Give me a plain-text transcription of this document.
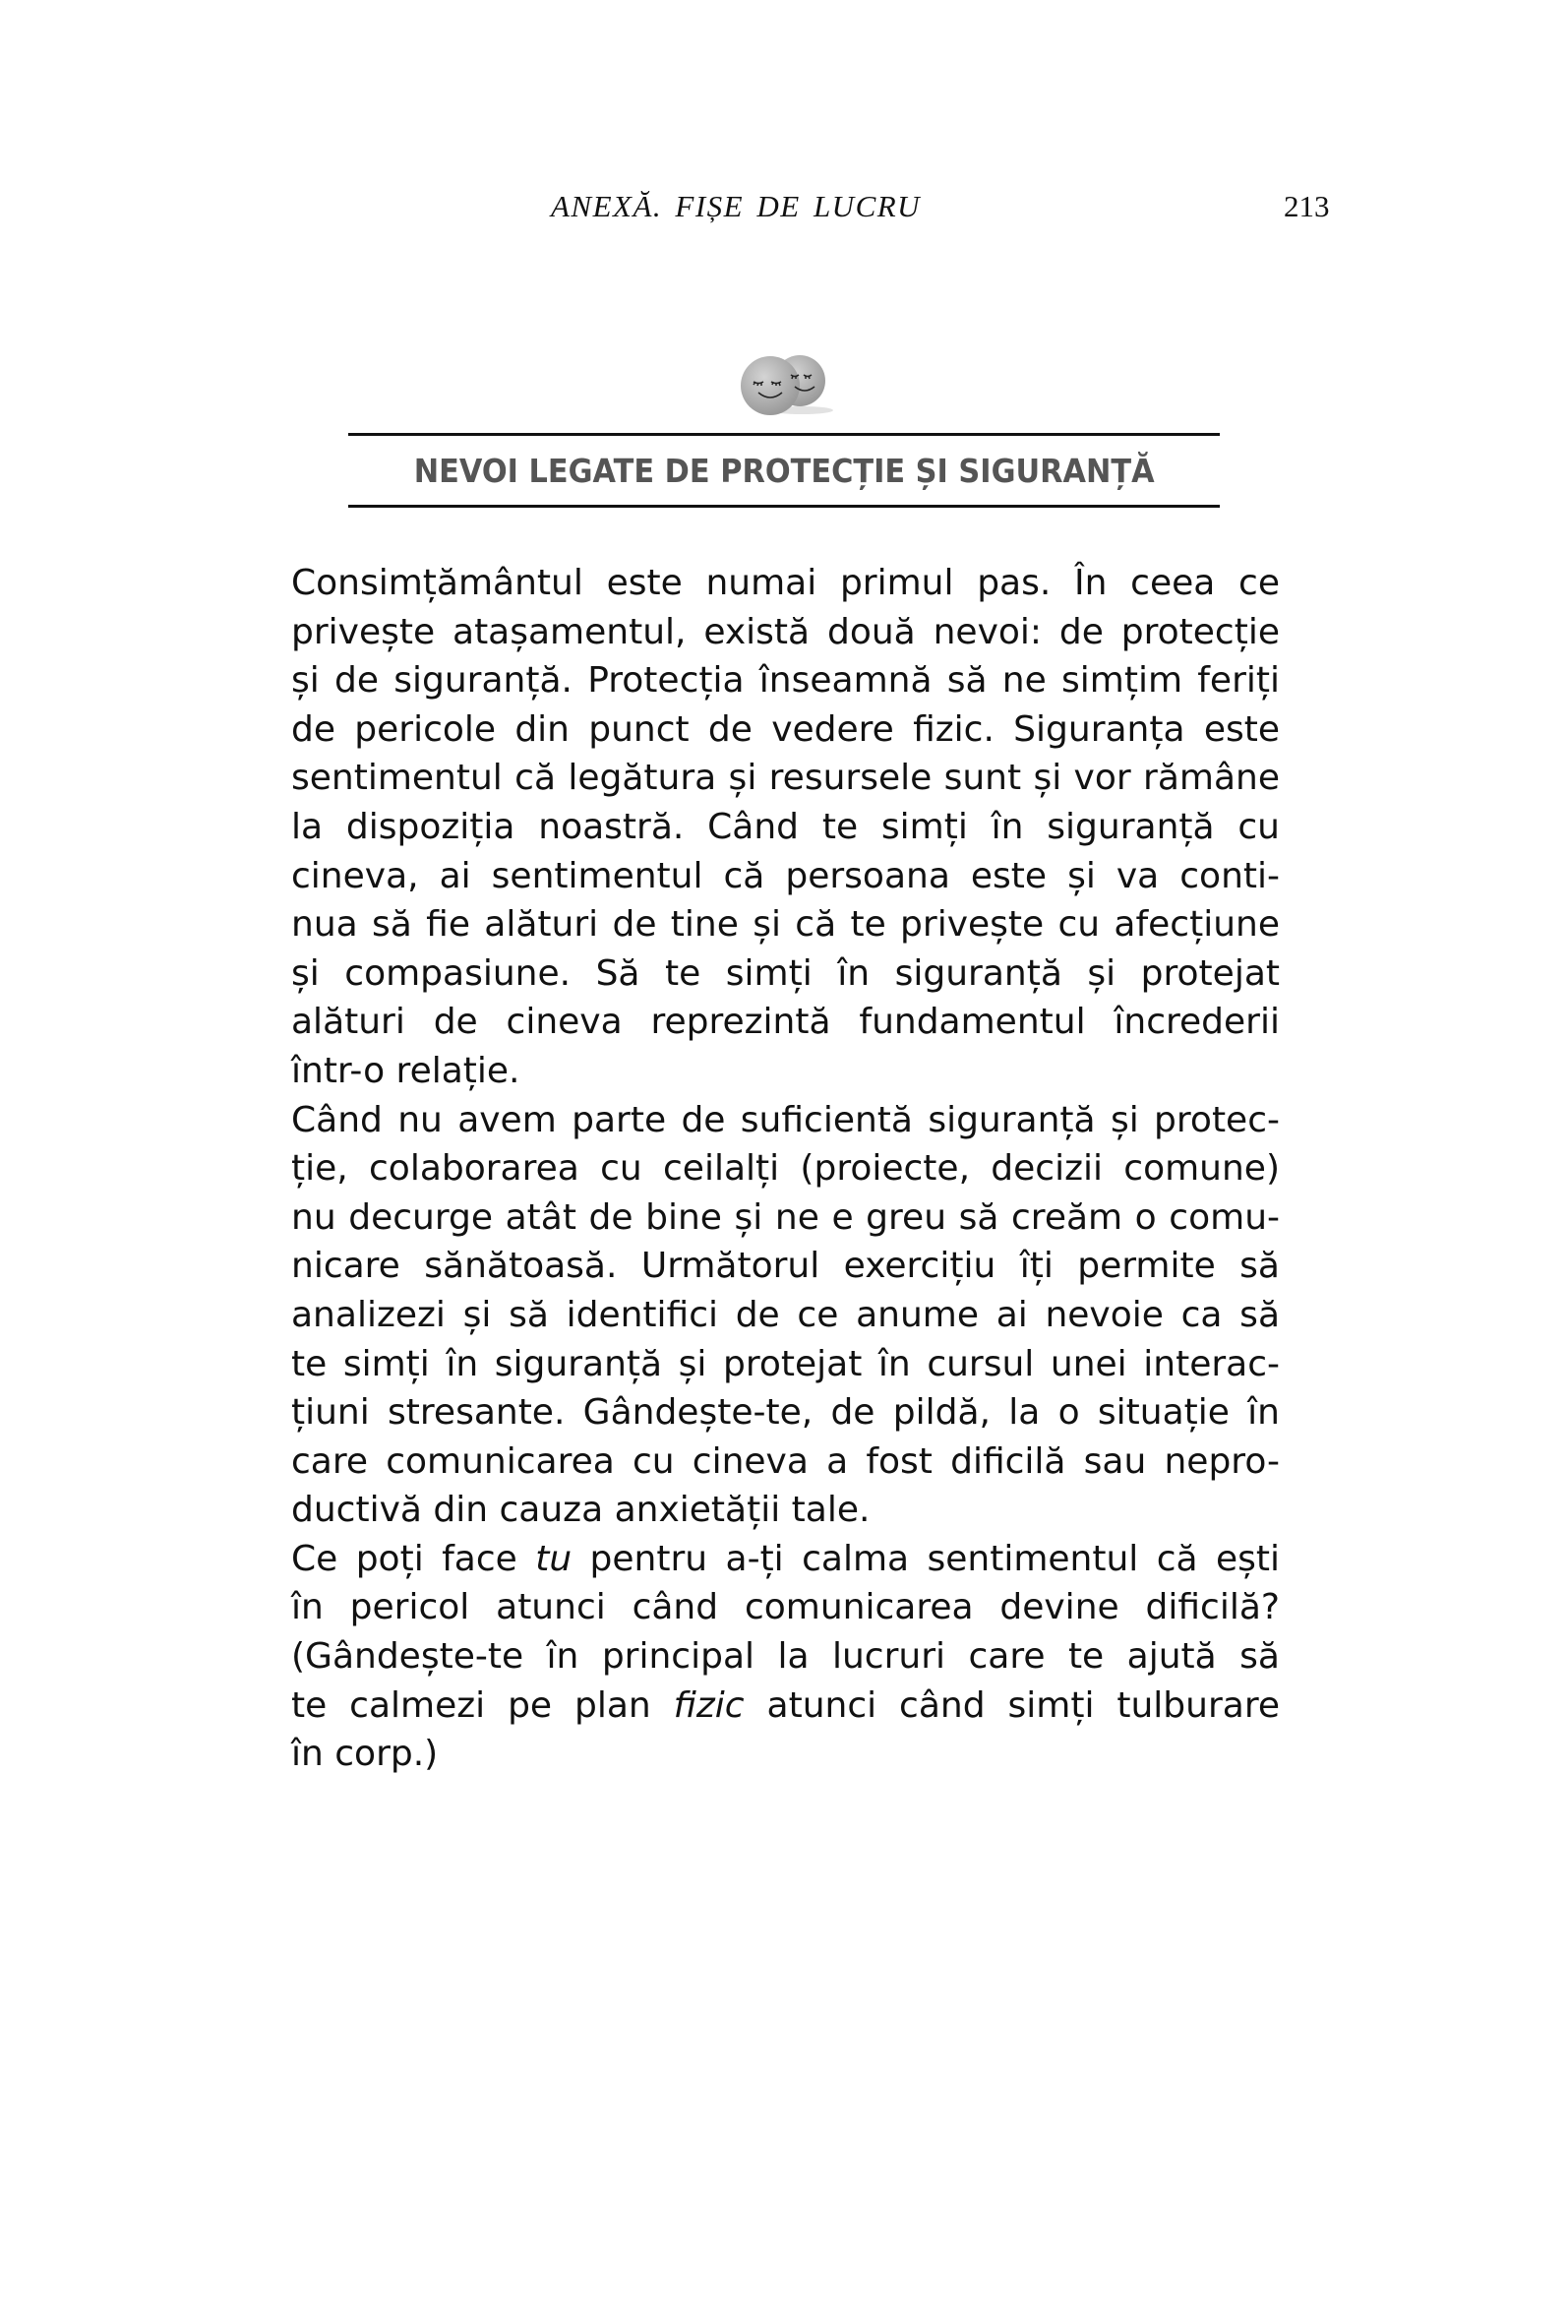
ANEXĂ. FIȘE DE LUCRU	213
NEVOI LEGATE DE PROTECȚIE ȘI SIGURANȚĂ
Consimțământul este numai primul pas. În ceea ce
privește atașamentul, există două nevoi: de protecție
și de siguranță. Protecția înseamnă să ne simțim feriți
de pericole din punct de vedere fizic. Siguranța este
sentimentul că legătura și resursele sunt și vor rămâne
la dispoziția noastră. Când te simți în siguranță cu
cineva, ai sentimentul că persoana este și va conti-
nua să fie alături de tine și că te privește cu afecțiune
și compasiune. Să te simți în siguranță și protejat
alături de cineva reprezintă fundamentul încrederii
într-o relație.
Când nu avem parte de suficientă siguranță și protec-
ție, colaborarea cu ceilalți (proiecte, decizii comune)
nu decurge atât de bine și ne e greu să creăm o comu-
nicare sănătoasă. Următorul exercițiu îți permite să
analizezi și să identifici de ce anume ai nevoie ca să
te simți în siguranță și protejat în cursul unei interac-
țiuni stresante. Gândește-te, de pildă, la o situație în
care comunicarea cu cineva a fost dificilă sau nepro-
ductivă din cauza anxietății tale.
Ce poți face tu pentru a-ți calma sentimentul că ești
în pericol atunci când comunicarea devine dificilă?
(Gândește-te în principal la lucruri care te ajută să
te calmezi pe plan fizic atunci când simți tulburare
în corp.)
